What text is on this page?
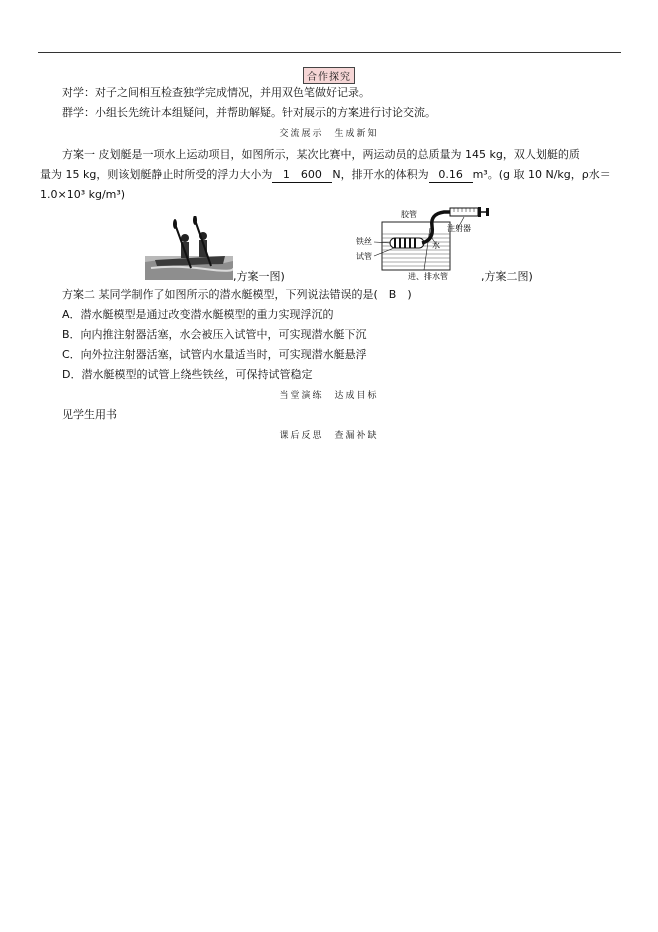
合作探究
对学：对子之间相互检查独学完成情况，并用双色笔做好记录。
群学：小组长先统计本组疑问，并帮助解疑。针对展示的方案进行讨论交流。
交流展示　生成新知
方案一 皮划艇是一项水上运动项目，如图所示，某次比赛中，两运动员的总质量为 145 kg，双人划艇的质
量为 15 kg，则该划艇静止时所受的浮力大小为 1　600 N，排开水的体积为 0.16 m³。(g 取 10 N/kg，ρ水＝
1.0×10³ kg/m³)
,方案一图)
胶管
注射器
铁丝	水
试管
进、排水管	,方案二图)
方案二 某同学制作了如图所示的潜水艇模型，下列说法错误的是(　B　)
A．潜水艇模型是通过改变潜水艇模型的重力实现浮沉的
B．向内推注射器活塞，水会被压入试管中，可实现潜水艇下沉
C．向外拉注射器活塞，试管内水量适当时，可实现潜水艇悬浮
D．潜水艇模型的试管上绕些铁丝，可保持试管稳定
当堂演练　达成目标
见学生用书
课后反思　查漏补缺
